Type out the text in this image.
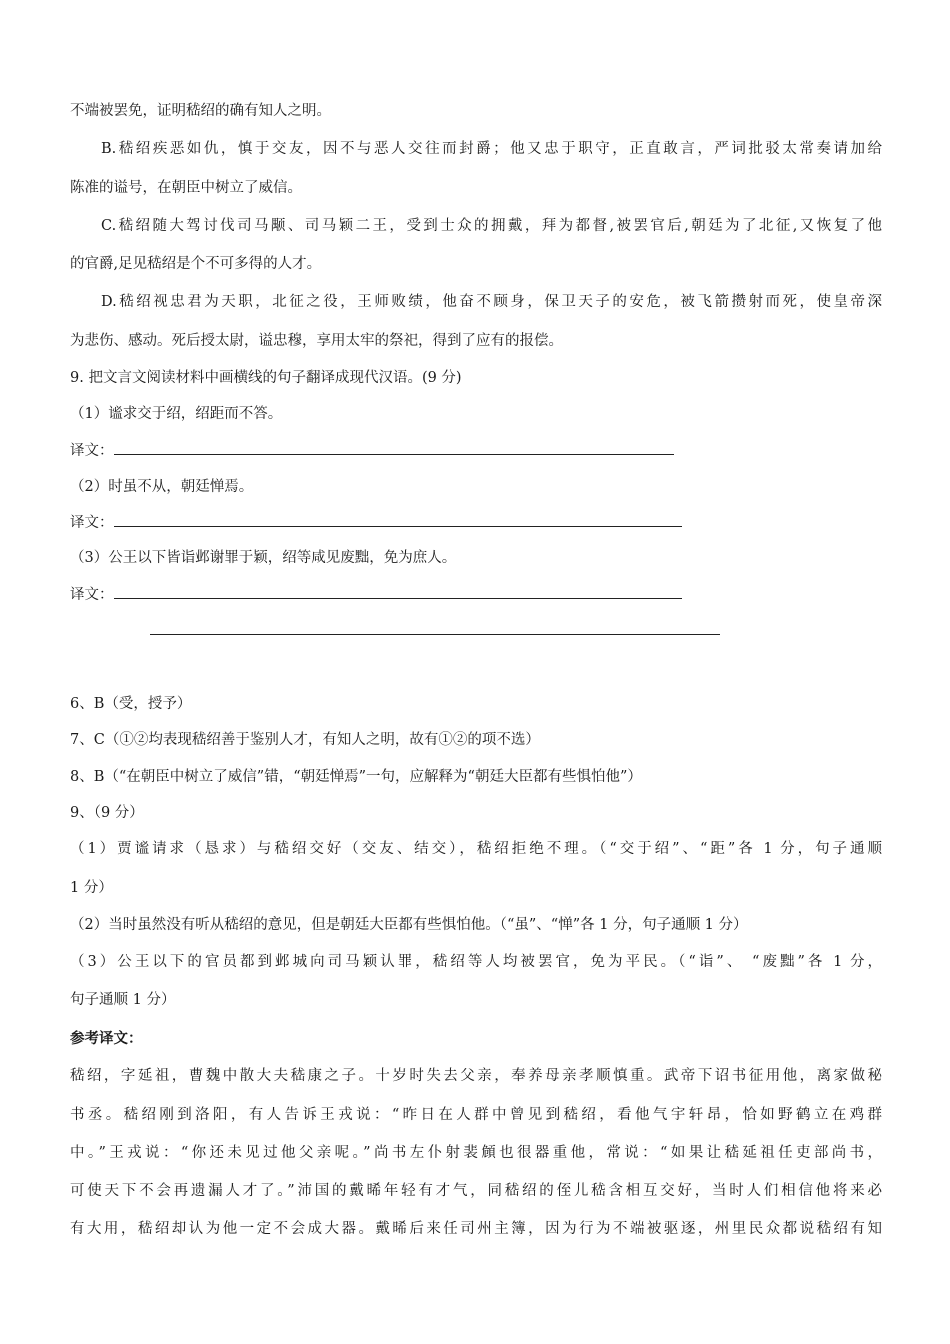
不端被罢免，证明嵇绍的确有知人之明。
B.嵇绍疾恶如仇，慎于交友，因不与恶人交往而封爵；他又忠于职守，正直敢言，严词批驳太常奏请加给
陈准的谥号，在朝臣中树立了威信。
C.嵇绍随大驾讨伐司马颙、司马颖二王，受到士众的拥戴，拜为都督,被罢官后,朝廷为了北征,又恢复了他
的官爵,足见嵇绍是个不可多得的人才。
D.嵇绍视忠君为天职，北征之役，王师败绩，他奋不顾身，保卫天子的安危，被飞箭攒射而死，使皇帝深
为悲伤、感动。死后授太尉，谥忠穆，享用太牢的祭祀，得到了应有的报偿。
9. 把文言文阅读材料中画横线的句子翻译成现代汉语。(9 分)
（1）谧求交于绍，绍距而不答。
译文：
（2）时虽不从，朝廷惮焉。
译文：
（3）公王以下皆诣邺谢罪于颖，绍等咸见废黜，免为庶人。
译文：
6、B（受，授予）
7、C（①②均表现嵇绍善于鉴别人才，有知人之明，故有①②的项不选）
8、B（“在朝臣中树立了威信”错，“朝廷惮焉”一句，应解释为“朝廷大臣都有些惧怕他”）
9、（9 分）
（1）贾谧请求（恳求）与嵇绍交好（交友、结交），嵇绍拒绝不理。（“交于绍”、“距”各 1 分，句子通顺
1 分）
（2）当时虽然没有听从嵇绍的意见，但是朝廷大臣都有些惧怕他。（“虽”、“惮”各 1 分，句子通顺 1 分）
（3）公王以下的官员都到邺城向司马颖认罪，嵇绍等人均被罢官，免为平民。（“诣”、 “废黜”各 1 分，
句子通顺 1 分）
参考译文：
嵇绍，字延祖，曹魏中散大夫嵇康之子。十岁时失去父亲，奉养母亲孝顺慎重。武帝下诏书征用他，离家做秘
书丞。嵇绍刚到洛阳，有人告诉王戎说：“昨日在人群中曾见到嵇绍，看他气宇轩昂，恰如野鹤立在鸡群
中。”王戎说：“你还未见过他父亲呢。”尚书左仆射裴頠也很器重他，常说：“如果让嵇延祖任吏部尚书，
可使天下不会再遗漏人才了。”沛国的戴晞年轻有才气，同嵇绍的侄儿嵇含相互交好，当时人们相信他将来必
有大用，嵇绍却认为他一定不会成大器。戴晞后来任司州主簿，因为行为不端被驱逐，州里民众都说嵇绍有知
